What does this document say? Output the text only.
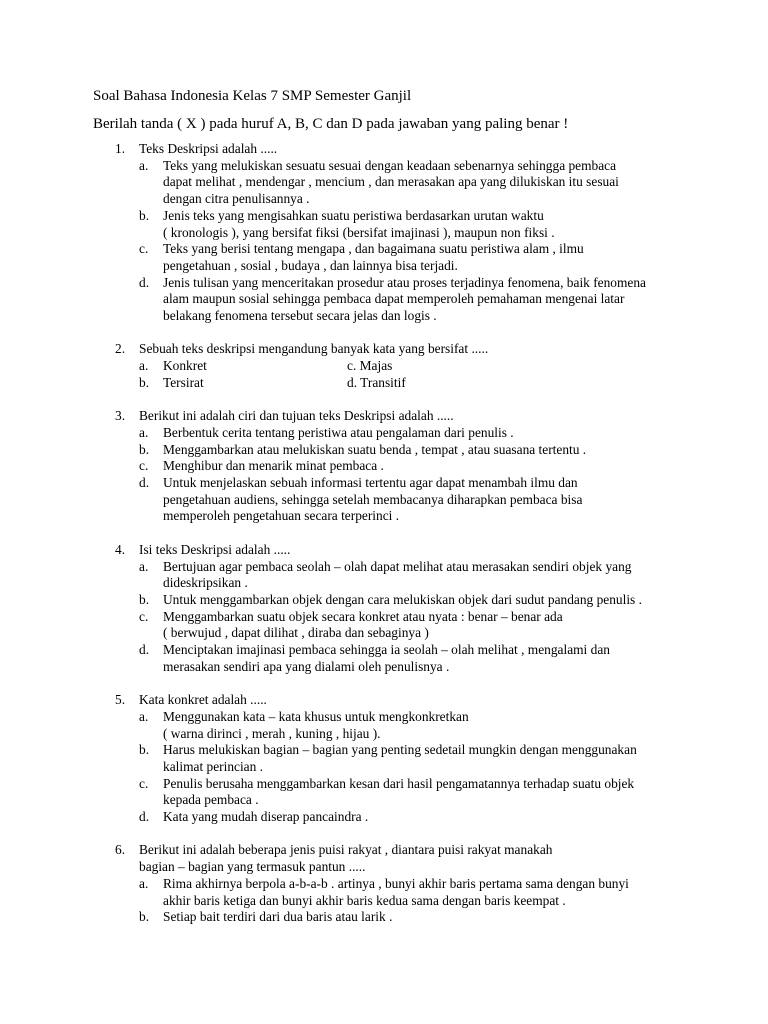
Soal Bahasa Indonesia Kelas 7 SMP Semester Ganjil
Berilah tanda ( X ) pada huruf A, B, C dan D pada jawaban yang paling benar !
1. Teks Deskripsi adalah .....
a. Teks yang melukiskan sesuatu sesuai dengan keadaan sebenarnya sehingga pembaca
dapat melihat , mendengar , mencium , dan merasakan apa yang dilukiskan itu sesuai
dengan citra penulisannya .
b. Jenis teks yang mengisahkan suatu peristiwa berdasarkan urutan waktu
( kronologis ), yang bersifat fiksi (bersifat imajinasi ), maupun non fiksi .
c. Teks yang berisi tentang mengapa , dan bagaimana suatu peristiwa alam , ilmu
pengetahuan , sosial , budaya , dan lainnya bisa terjadi.
d. Jenis tulisan yang menceritakan prosedur atau proses terjadinya fenomena, baik fenomena
alam maupun sosial sehingga pembaca dapat memperoleh pemahaman mengenai latar
belakang fenomena tersebut secara jelas dan logis .
2. Sebuah teks deskripsi mengandung banyak kata yang bersifat .....
a. Konkret	c. Majas
b. Tersirat	d. Transitif
3. Berikut ini adalah ciri dan tujuan teks Deskripsi adalah .....
a. Berbentuk cerita tentang peristiwa atau pengalaman dari penulis .
b. Menggambarkan atau melukiskan suatu benda , tempat , atau suasana tertentu .
c. Menghibur dan menarik minat pembaca .
d. Untuk menjelaskan sebuah informasi tertentu agar dapat menambah ilmu dan
pengetahuan audiens, sehingga setelah membacanya diharapkan pembaca bisa
memperoleh pengetahuan secara terperinci .
4. Isi teks Deskripsi adalah .....
a. Bertujuan agar pembaca seolah – olah dapat melihat atau merasakan sendiri objek yang
dideskripsikan .
b. Untuk menggambarkan objek dengan cara melukiskan objek dari sudut pandang penulis .
c. Menggambarkan suatu objek secara konkret atau nyata : benar – benar ada
( berwujud , dapat dilihat , diraba dan sebaginya )
d. Menciptakan imajinasi pembaca sehingga ia seolah – olah melihat , mengalami dan
merasakan sendiri apa yang dialami oleh penulisnya .
5. Kata konkret adalah .....
a. Menggunakan kata – kata khusus untuk mengkonkretkan
( warna dirinci , merah , kuning , hijau ).
b. Harus melukiskan bagian – bagian yang penting sedetail mungkin dengan menggunakan
kalimat perincian .
c. Penulis berusaha menggambarkan kesan dari hasil pengamatannya terhadap suatu objek
kepada pembaca .
d. Kata yang mudah diserap pancaindra .
6. Berikut ini adalah beberapa jenis puisi rakyat , diantara puisi rakyat manakah
bagian – bagian yang termasuk pantun .....
a. Rima akhirnya berpola a-b-a-b . artinya , bunyi akhir baris pertama sama dengan bunyi
akhir baris ketiga dan bunyi akhir baris kedua sama dengan baris keempat .
b. Setiap bait terdiri dari dua baris atau larik .
